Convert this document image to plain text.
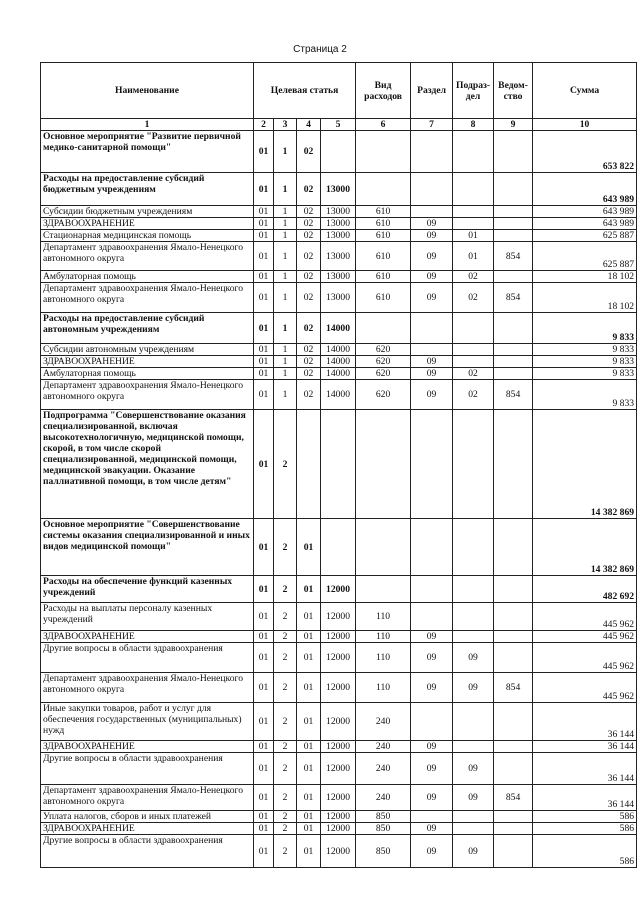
Страница 2
Наименование	Целевая статья				Вид расходов	Раздел	Подраз-дел	Ведом-ство	Сумма
1	2	3	4	5	6	7	8	9	10
Основное мероприятие "Развитие первичной медико-санитарной помощи"	01	1	02						653 822
Расходы на предоставление субсидий бюджетным учреждениям	01	1	02	13000					643 989
Субсидии бюджетным учреждениям	01	1	02	13000	610				643 989
ЗДРАВООХРАНЕНИЕ	01	1	02	13000	610	09			643 989
Стационарная медицинская помощь	01	1	02	13000	610	09	01		625 887
Департамент здравоохранения Ямало-Ненецкого автономного округа	01	1	02	13000	610	09	01	854	625 887
Амбулаторная помощь	01	1	02	13000	610	09	02		18 102
Департамент здравоохранения Ямало-Ненецкого автономного округа	01	1	02	13000	610	09	02	854	18 102
Расходы на предоставление субсидий автономным учреждениям	01	1	02	14000					9 833
Субсидии автономным учреждениям	01	1	02	14000	620				9 833
ЗДРАВООХРАНЕНИЕ	01	1	02	14000	620	09			9 833
Амбулаторная помощь	01	1	02	14000	620	09	02		9 833
Департамент здравоохранения Ямало-Ненецкого автономного округа	01	1	02	14000	620	09	02	854	9 833
Подпрограмма "Совершенствование оказания специализированной, включая высокотехнологичную, медицинской помощи, скорой, в том числе скорой специализированной, медицинской помощи, медицинской эвакуации. Оказание паллиативной помощи, в том числе детям"	01	2							14 382 869
Основное мероприятие "Совершенствование системы оказания специализированной и иных видов медицинской помощи"	01	2	01						14 382 869
Расходы на обеспечение функций казенных учреждений	01	2	01	12000					482 692
Расходы на выплаты персоналу казенных учреждений	01	2	01	12000	110				445 962
ЗДРАВООХРАНЕНИЕ	01	2	01	12000	110	09			445 962
Другие вопросы в области здравоохранения	01	2	01	12000	110	09	09		445 962
Департамент здравоохранения Ямало-Ненецкого автономного округа	01	2	01	12000	110	09	09	854	445 962
Иные закупки товаров, работ и услуг для обеспечения государственных (муниципальных) нужд	01	2	01	12000	240				36 144
ЗДРАВООХРАНЕНИЕ	01	2	01	12000	240	09			36 144
Другие вопросы в области здравоохранения	01	2	01	12000	240	09	09		36 144
Департамент здравоохранения Ямало-Ненецкого автономного округа	01	2	01	12000	240	09	09	854	36 144
Уплата налогов, сборов и иных платежей	01	2	01	12000	850				586
ЗДРАВООХРАНЕНИЕ	01	2	01	12000	850	09			586
Другие вопросы в области здравоохранения	01	2	01	12000	850	09	09		586
